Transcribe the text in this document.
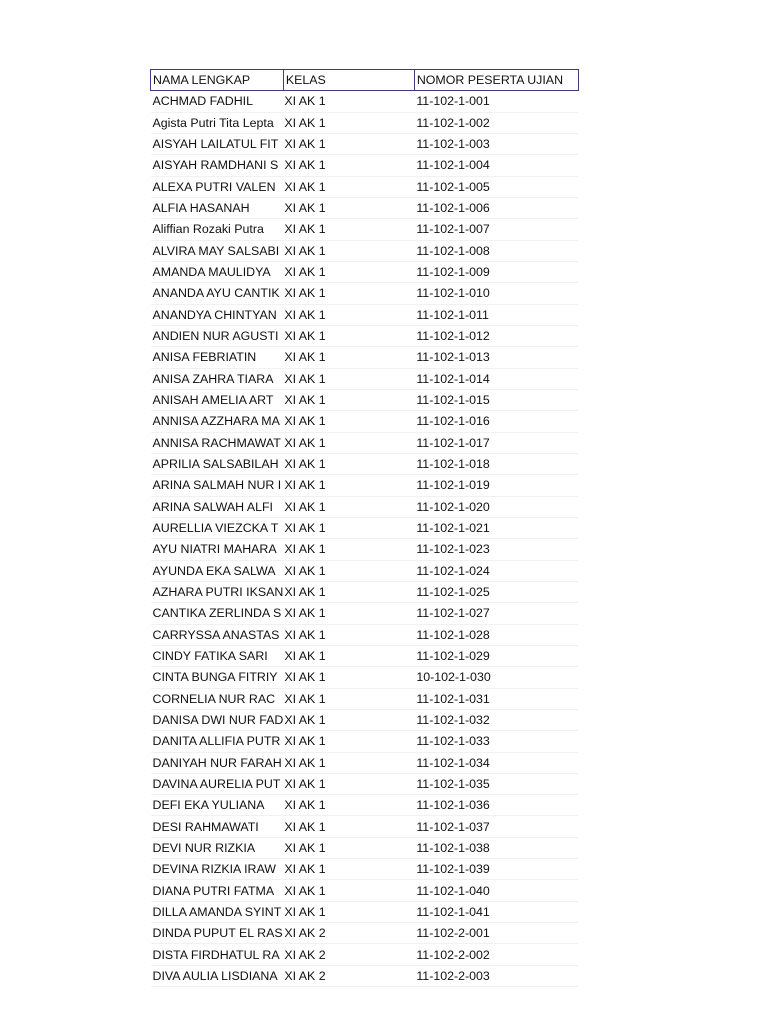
NAMA LENGKAP	KELAS	NOMOR PESERTA UJIAN
ACHMAD FADHIL	XI AK 1	11-102-1-001
Agista Putri Tita Lepta	XI AK 1	11-102-1-002
AISYAH LAILATUL FIT	XI AK 1	11-102-1-003
AISYAH RAMDHANI S	XI AK 1	11-102-1-004
ALEXA PUTRI VALEN	XI AK 1	11-102-1-005
ALFIA HASANAH	XI AK 1	11-102-1-006
Aliffian Rozaki Putra	XI AK 1	11-102-1-007
ALVIRA MAY SALSABI	XI AK 1	11-102-1-008
AMANDA MAULIDYA	XI AK 1	11-102-1-009
ANANDA AYU CANTIK	XI AK 1	11-102-1-010
ANANDYA CHINTYAN	XI AK 1	11-102-1-011
ANDIEN NUR AGUSTI	XI AK 1	11-102-1-012
ANISA FEBRIATIN	XI AK 1	11-102-1-013
ANISA ZAHRA TIARA	XI AK 1	11-102-1-014
ANISAH AMELIA ART	XI AK 1	11-102-1-015
ANNISA AZZHARA MA	XI AK 1	11-102-1-016
ANNISA RACHMAWAT	XI AK 1	11-102-1-017
APRILIA SALSABILAH	XI AK 1	11-102-1-018
ARINA SALMAH NUR I	XI AK 1	11-102-1-019
ARINA SALWAH ALFI	XI AK 1	11-102-1-020
AURELLIA VIEZCKA T	XI AK 1	11-102-1-021
AYU NIATRI MAHARA	XI AK 1	11-102-1-023
AYUNDA EKA SALWA	XI AK 1	11-102-1-024
AZHARA PUTRI IKSAN	XI AK 1	11-102-1-025
CANTIKA ZERLINDA S	XI AK 1	11-102-1-027
CARRYSSA ANASTAS	XI AK 1	11-102-1-028
CINDY FATIKA SARI	XI AK 1	11-102-1-029
CINTA BUNGA FITRIY	XI AK 1	10-102-1-030
CORNELIA NUR RAC	XI AK 1	11-102-1-031
DANISA DWI NUR FAD	XI AK 1	11-102-1-032
DANITA ALLIFIA PUTR	XI AK 1	11-102-1-033
DANIYAH NUR FARAH	XI AK 1	11-102-1-034
DAVINA AURELIA PUT	XI AK 1	11-102-1-035
DEFI EKA YULIANA	XI AK 1	11-102-1-036
DESI RAHMAWATI	XI AK 1	11-102-1-037
DEVI NUR RIZKIA	XI AK 1	11-102-1-038
DEVINA RIZKIA IRAW	XI AK 1	11-102-1-039
DIANA PUTRI FATMA	XI AK 1	11-102-1-040
DILLA AMANDA SYINT	XI AK 1	11-102-1-041
DINDA PUPUT EL RAS	XI AK 2	11-102-2-001
DISTA FIRDHATUL RA	XI AK 2	11-102-2-002
DIVA AULIA LISDIANA	XI AK 2	11-102-2-003
